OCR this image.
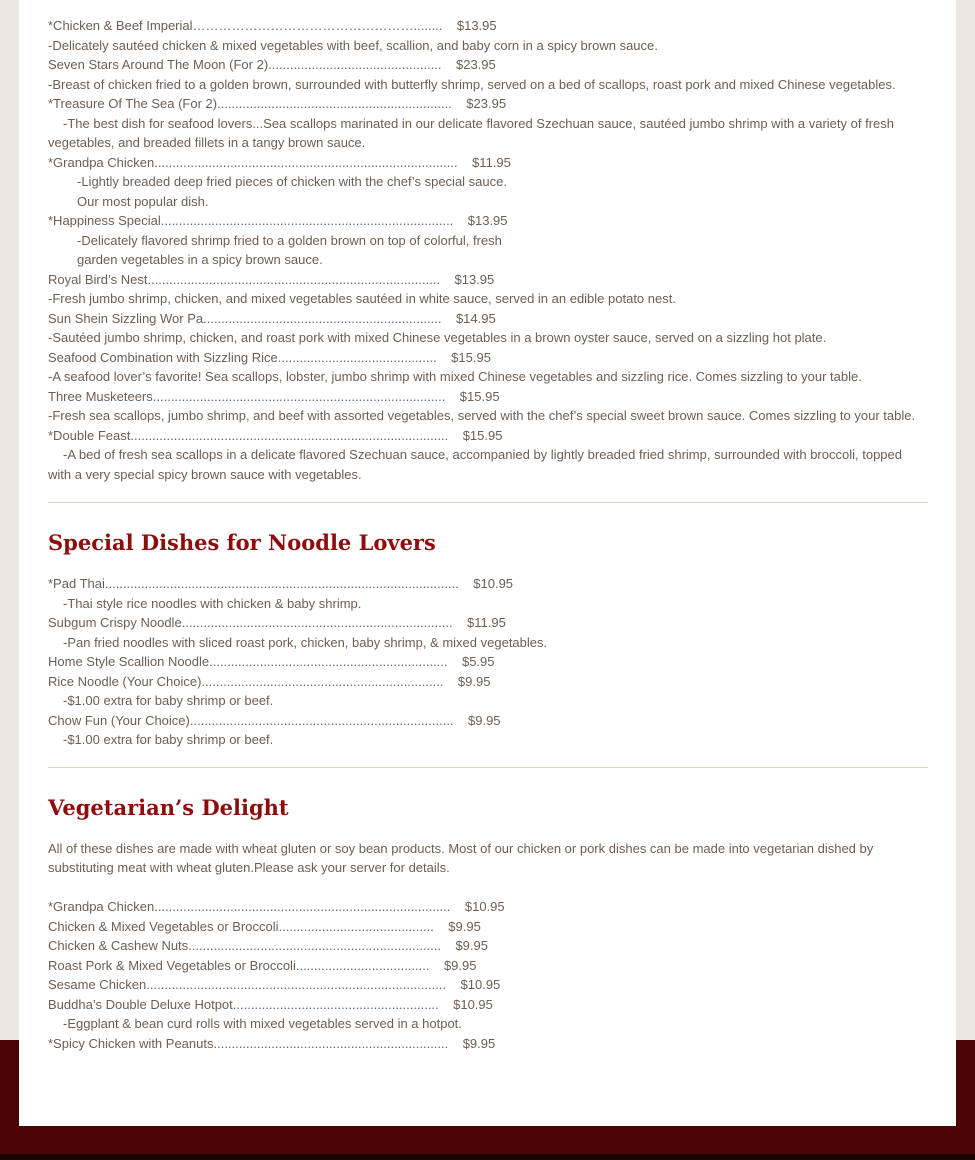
*Chicken & Beef Imperial……………………………………………........    $13.95
-Delicately sautéed chicken & mixed vegetables with beef, scallion, and baby corn in a spicy brown sauce.
Seven Stars Around The Moon (For 2)................................................    $23.95
-Breast of chicken fried to a golden brown, surrounded with butterfly shrimp, served on a bed of scallops, roast pork and mixed Chinese vegetables.
*Treasure Of The Sea (For 2).................................................................    $23.95
-The best dish for seafood lovers...Sea scallops marinated in our delicate flavored Szechuan sauce, sautéed jumbo shrimp with a variety of fresh vegetables, and breaded fillets in a tangy brown sauce.
*Grandpa Chicken....................................................................................    $11.95
-Lightly breaded deep fried pieces of chicken with the chef’s special sauce.
Our most popular dish.
*Happiness Special.................................................................................    $13.95
-Delicately flavored shrimp fried to a golden brown on top of colorful, fresh
garden vegetables in a spicy brown sauce.
Royal Bird’s Nest.................................................................................    $13.95
-Fresh jumbo shrimp, chicken, and mixed vegetables sautéed in white sauce, served in an edible potato nest.
Sun Shein Sizzling Wor Pa..................................................................    $14.95
-Sautéed jumbo shrimp, chicken, and roast pork with mixed Chinese vegetables in a brown oyster sauce, served on a sizzling hot plate.
Seafood Combination with Sizzling Rice............................................    $15.95
-A seafood lover’s favorite! Sea scallops, lobster, jumbo shrimp with mixed Chinese vegetables and sizzling rice. Comes sizzling to your table.
Three Musketeers.................................................................................    $15.95
-Fresh sea scallops, jumbo shrimp, and beef with assorted vegetables, served with the chef’s special sweet brown sauce. Comes sizzling to your table.
*Double Feast........................................................................................    $15.95
-A bed of fresh sea scallops in a delicate flavored Szechuan sauce, accompanied by lightly breaded fried shrimp, surrounded with broccoli, topped with a very special spicy brown sauce with vegetables.
Special Dishes for Noodle Lovers
*Pad Thai..................................................................................................    $10.95
-Thai style rice noodles with chicken & baby shrimp.
Subgum Crispy Noodle...........................................................................    $11.95
-Pan fried noodles with sliced roast pork, chicken, baby shrimp, & mixed vegetables.
Home Style Scallion Noodle..................................................................    $5.95
Rice Noodle (Your Choice)...................................................................    $9.95
-$1.00 extra for baby shrimp or beef.
Chow Fun (Your Choice).........................................................................    $9.95
-$1.00 extra for baby shrimp or beef.
Vegetarian’s Delight
All of these dishes are made with wheat gluten or soy bean products. Most of our chicken or pork dishes can be made into vegetarian dished by substituting meat with wheat gluten.Please ask your server for details.
*Grandpa Chicken..................................................................................    $10.95
Chicken & Mixed Vegetables or Broccoli...........................................    $9.95
Chicken & Cashew Nuts......................................................................    $9.95
Roast Pork & Mixed Vegetables or Broccoli.....................................    $9.95
Sesame Chicken...................................................................................    $10.95
Buddha’s Double Deluxe Hotpot.........................................................    $10.95
-Eggplant & bean curd rolls with mixed vegetables served in a hotpot.
*Spicy Chicken with Peanuts.................................................................    $9.95
